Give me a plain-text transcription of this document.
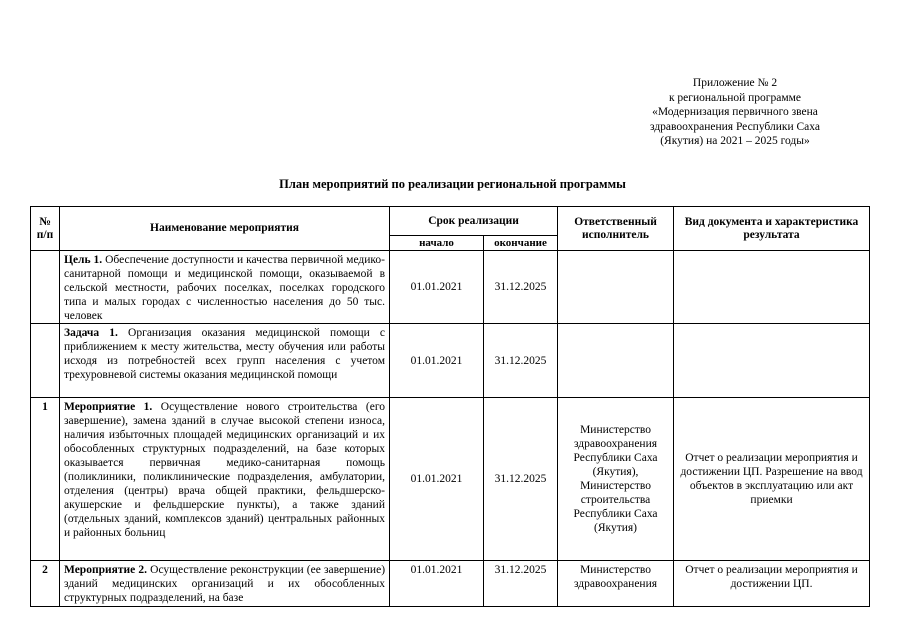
Приложение № 2
к региональной программе
«Модернизация первичного звена
здравоохранения Республики Саха
(Якутия) на 2021 – 2025 годы»
План мероприятий по реализации региональной программы
№ п/п	Наименование мероприятия	Срок реализации		Ответственный исполнитель	Вид документа и характеристика результата
		начало	окончание		
	Цель 1. Обеспечение доступности и качества первичной медико-санитарной помощи и медицинской помощи, оказываемой в сельской местности, рабочих поселках, поселках городского типа и малых городах с численностью населения до 50 тыс. человек	01.01.2021	31.12.2025		
	Задача 1. Организация оказания медицинской помощи с приближением к месту жительства, месту обучения или работы исходя из потребностей всех групп населения с учетом трехуровневой системы оказания медицинской помощи	01.01.2021	31.12.2025		
1	Мероприятие 1. Осуществление нового строительства (его завершение), замена зданий в случае высокой степени износа, наличия избыточных площадей медицинских организаций и их обособленных структурных подразделений, на базе которых оказывается первичная медико-санитарная помощь (поликлиники, поликлинические подразделения, амбулатории, отделения (центры) врача общей практики, фельдшерско-акушерские и фельдшерские пункты), а также зданий (отдельных зданий, комплексов зданий) центральных районных и районных больниц	01.01.2021	31.12.2025	Министерство здравоохранения Республики Саха (Якутия), Министерство строительства Республики Саха (Якутия)	Отчет о реализации мероприятия и достижении ЦП. Разрешение на ввод объектов в эксплуатацию или акт приемки
2	Мероприятие 2. Осуществление реконструкции (ее завершение) зданий медицинских организаций и их обособленных структурных подразделений, на базе	01.01.2021	31.12.2025	Министерство здравоохранения	Отчет о реализации мероприятия и достижении ЦП.
